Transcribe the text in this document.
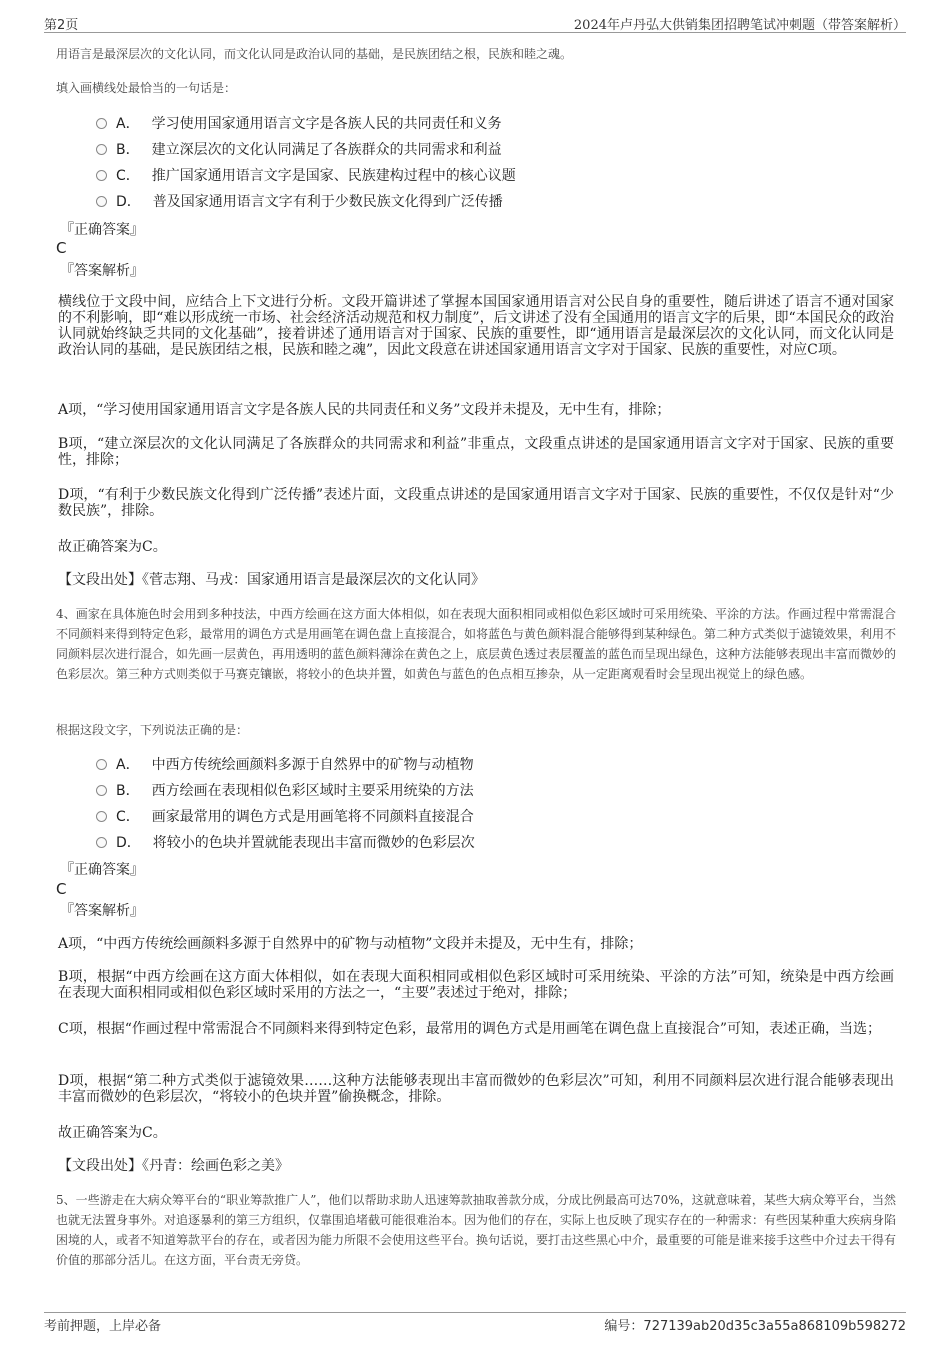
第2页	2024年卢丹弘大供销集团招聘笔试冲刺题（带答案解析）
用语言是最深层次的文化认同，而文化认同是政治认同的基础，是民族团结之根，民族和睦之魂。
填入画横线处最恰当的一句话是：
A． 学习使用国家通用语言文字是各族人民的共同责任和义务
B． 建立深层次的文化认同满足了各族群众的共同需求和利益
C． 推广国家通用语言文字是国家、民族建构过程中的核心议题
D． 普及国家通用语言文字有利于少数民族文化得到广泛传播
『正确答案』
C
『答案解析』
横线位于文段中间，应结合上下文进行分析。文段开篇讲述了掌握本国国家通用语言对公民自身的重要性，随后讲述了语言不通对国家的不利影响，即“难以形成统一市场、社会经济活动规范和权力制度”，后文讲述了没有全国通用的语言文字的后果，即“本国民众的政治认同就始终缺乏共同的文化基础”，接着讲述了通用语言对于国家、民族的重要性，即“通用语言是最深层次的文化认同，而文化认同是政治认同的基础，是民族团结之根，民族和睦之魂”，因此文段意在讲述国家通用语言文字对于国家、民族的重要性，对应C项。
A项，“学习使用国家通用语言文字是各族人民的共同责任和义务”文段并未提及，无中生有，排除；
B项，“建立深层次的文化认同满足了各族群众的共同需求和利益”非重点，文段重点讲述的是国家通用语言文字对于国家、民族的重要性，排除；
D项，“有利于少数民族文化得到广泛传播”表述片面，文段重点讲述的是国家通用语言文字对于国家、民族的重要性，不仅仅是针对“少数民族”，排除。
故正确答案为C。
【文段出处】《菅志翔、马戎：国家通用语言是最深层次的文化认同》
4、画家在具体施色时会用到多种技法，中西方绘画在这方面大体相似，如在表现大面积相同或相似色彩区域时可采用统染、平涂的方法。作画过程中常需混合不同颜料来得到特定色彩，最常用的调色方式是用画笔在调色盘上直接混合，如将蓝色与黄色颜料混合能够得到某种绿色。第二种方式类似于滤镜效果，利用不同颜料层次进行混合，如先画一层黄色，再用透明的蓝色颜料薄涂在黄色之上，底层黄色透过表层覆盖的蓝色而呈现出绿色，这种方法能够表现出丰富而微妙的色彩层次。第三种方式则类似于马赛克镶嵌，将较小的色块并置，如黄色与蓝色的色点相互掺杂，从一定距离观看时会呈现出视觉上的绿色感。
根据这段文字，下列说法正确的是：
A． 中西方传统绘画颜料多源于自然界中的矿物与动植物
B． 西方绘画在表现相似色彩区域时主要采用统染的方法
C． 画家最常用的调色方式是用画笔将不同颜料直接混合
D． 将较小的色块并置就能表现出丰富而微妙的色彩层次
『正确答案』
C
『答案解析』
A项，“中西方传统绘画颜料多源于自然界中的矿物与动植物”文段并未提及，无中生有，排除；
B项，根据“中西方绘画在这方面大体相似，如在表现大面积相同或相似色彩区域时可采用统染、平涂的方法”可知，统染是中西方绘画在表现大面积相同或相似色彩区域时采用的方法之一，“主要”表述过于绝对，排除；
C项，根据“作画过程中常需混合不同颜料来得到特定色彩，最常用的调色方式是用画笔在调色盘上直接混合”可知，表述正确，当选；
D项，根据“第二种方式类似于滤镜效果……这种方法能够表现出丰富而微妙的色彩层次”可知，利用不同颜料层次进行混合能够表现出丰富而微妙的色彩层次，“将较小的色块并置”偷换概念，排除。
故正确答案为C。
【文段出处】《丹青：绘画色彩之美》
5、一些游走在大病众筹平台的“职业筹款推广人”，他们以帮助求助人迅速筹款抽取善款分成，分成比例最高可达70%，这就意味着，某些大病众筹平台，当然也就无法置身事外。对追逐暴利的第三方组织，仅靠围追堵截可能很难治本。因为他们的存在，实际上也反映了现实存在的一种需求：有些因某种重大疾病身陷困境的人，或者不知道筹款平台的存在，或者因为能力所限不会使用这些平台。换句话说，要打击这些黑心中介，最重要的可能是谁来接手这些中介过去干得有价值的那部分活儿。在这方面，平台责无旁贷。
考前押题，上岸必备	编号：727139ab20d35c3a55a868109b598272
